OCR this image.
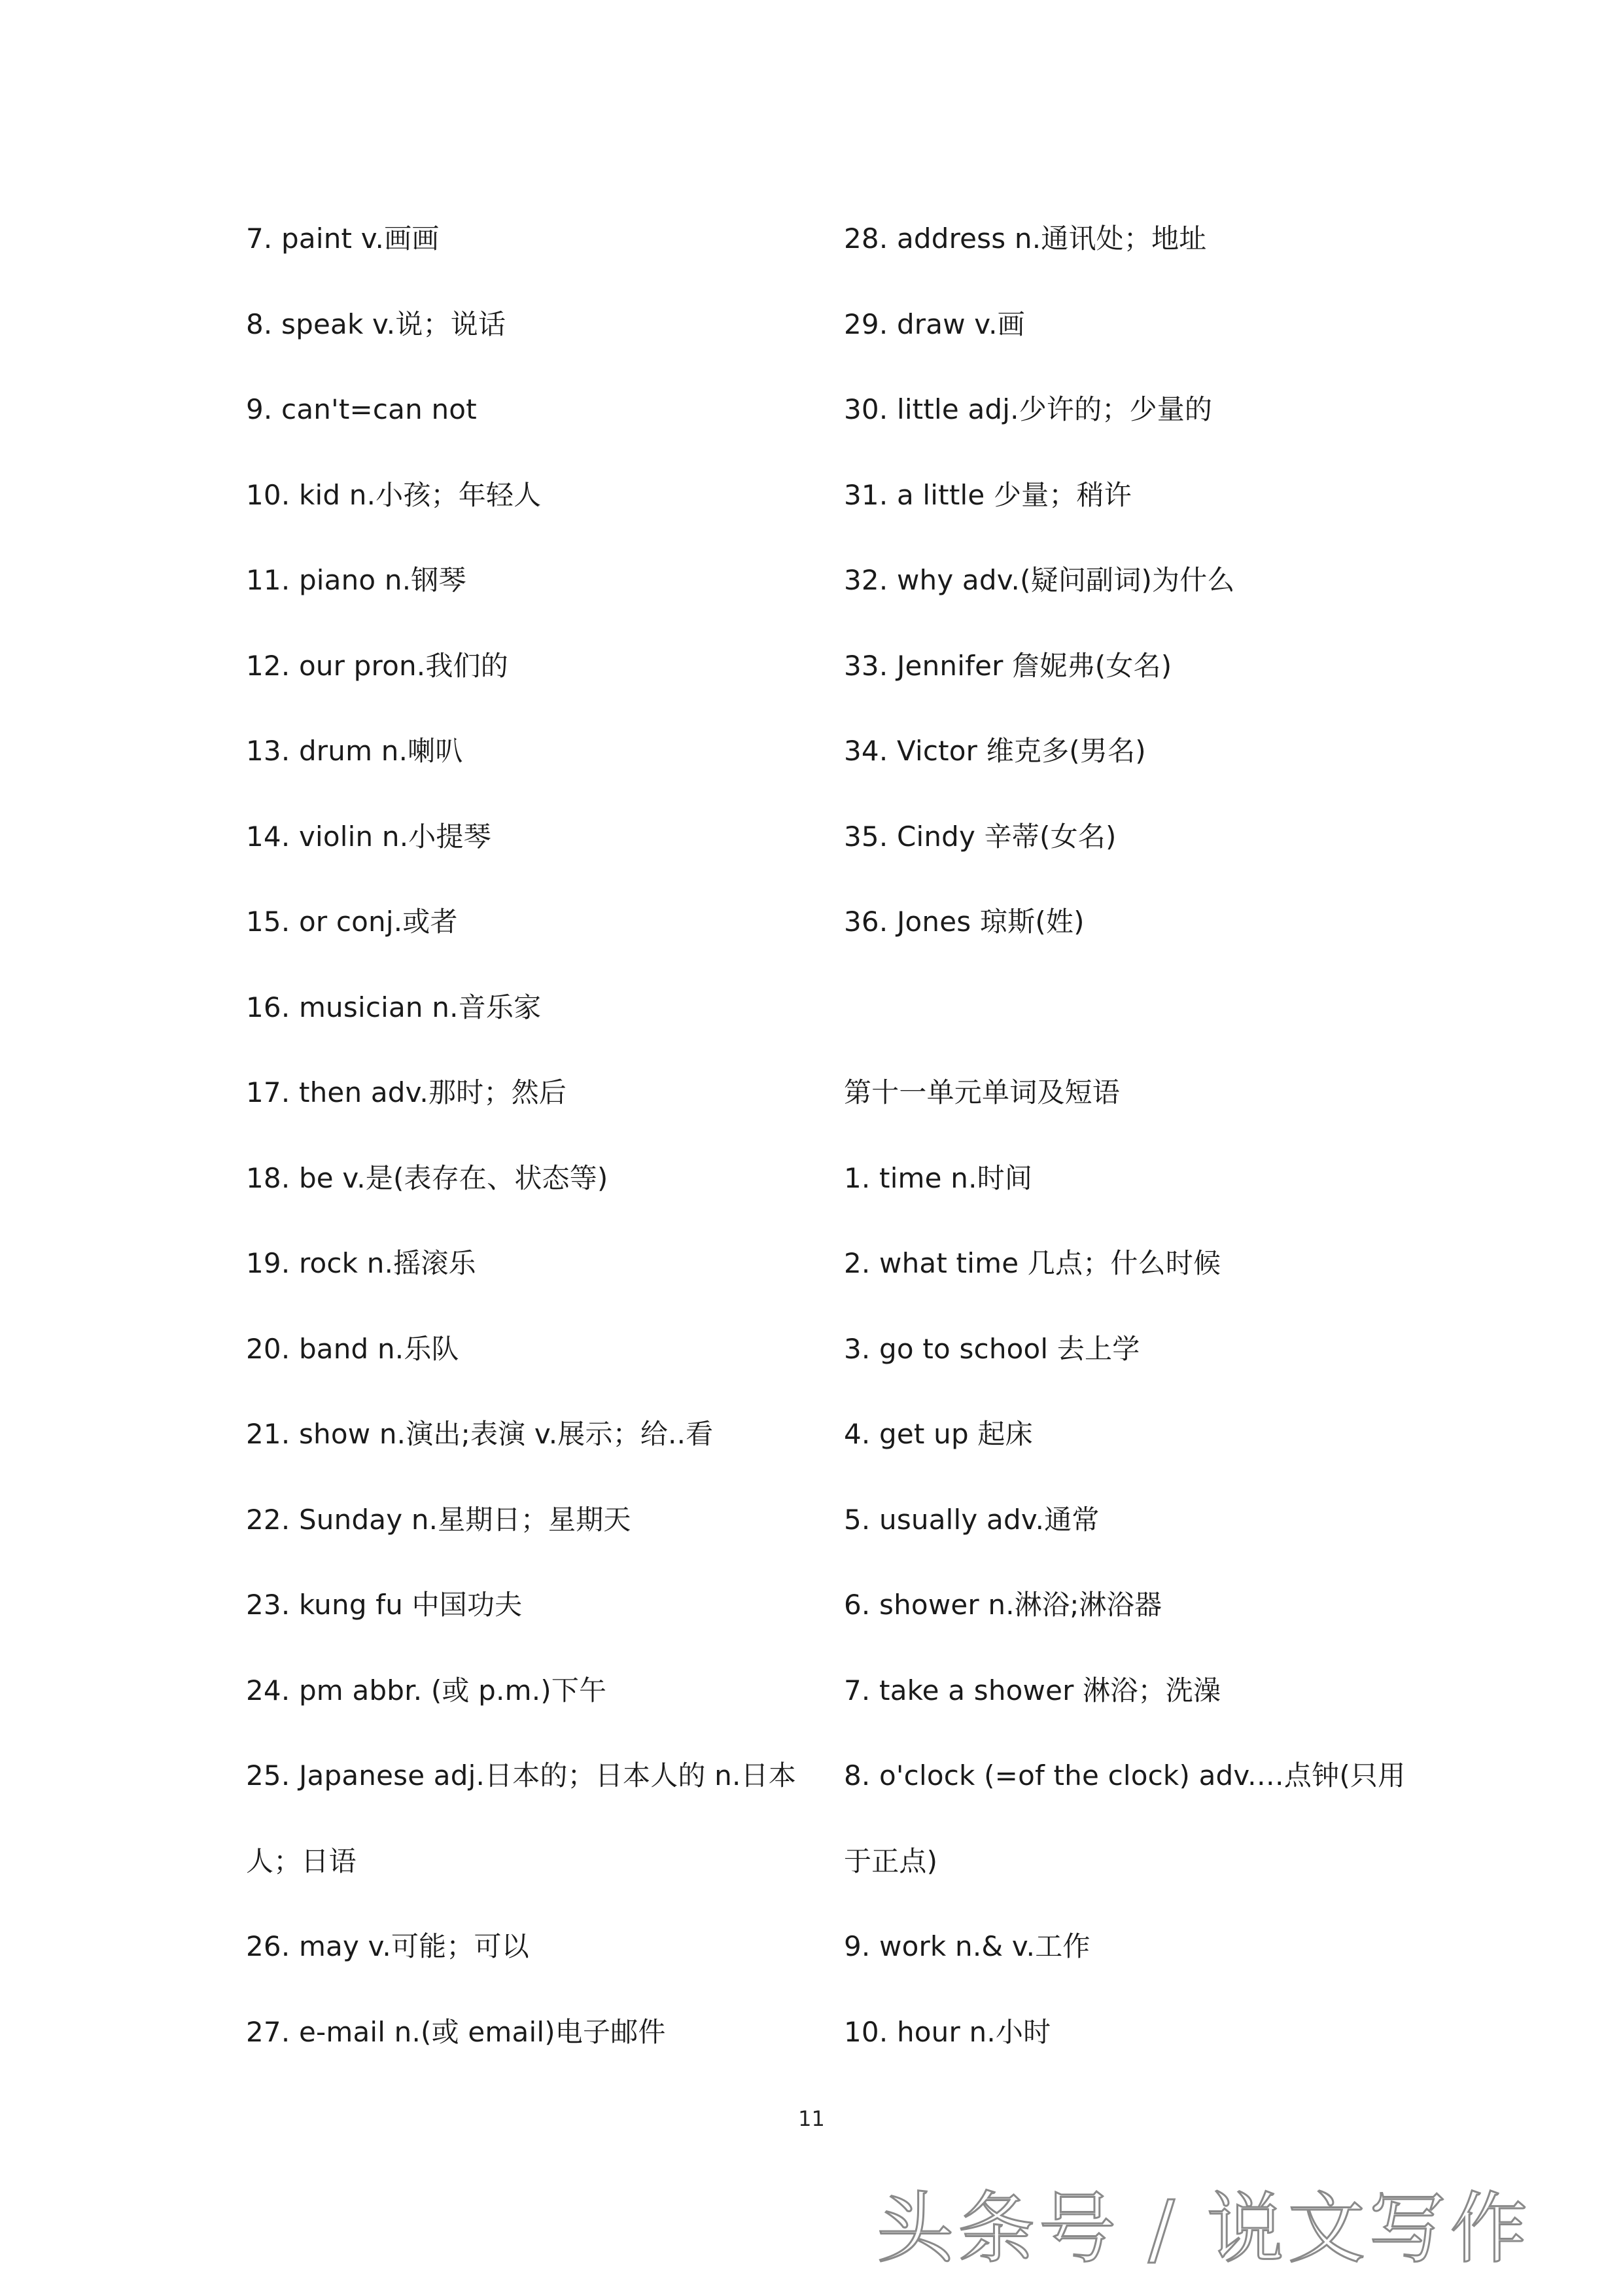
7. paint v.画画
8. speak v.说；说话
9. can't=can not
10. kid n.小孩；年轻人
11. piano n.钢琴
12. our pron.我们的
13. drum n.喇叭
14. violin n.小提琴
15. or conj.或者
16. musician n.音乐家
17. then adv.那时；然后
18. be v.是(表存在、状态等)
19. rock n.摇滚乐
20. band n.乐队
21. show n.演出;表演 v.展示；给..看
22. Sunday n.星期日；星期天
23. kung fu 中国功夫
24. pm abbr. (或 p.m.)下午
25. Japanese adj.日本的；日本人的 n.日本
人；日语
26. may v.可能；可以
27. e-mail n.(或 email)电子邮件
28. address n.通讯处；地址
29. draw v.画
30. little adj.少许的；少量的
31. a little 少量；稍许
32. why adv.(疑问副词)为什么
33. Jennifer 詹妮弗(女名)
34. Victor 维克多(男名)
35. Cindy 辛蒂(女名)
36. Jones 琼斯(姓)
第十一单元单词及短语
1. time n.时间
2. what time 几点；什么时候
3. go to school 去上学
4. get up 起床
5. usually adv.通常
6. shower n.淋浴;淋浴器
7. take a shower 淋浴；洗澡
8. o'clock (=of the clock) adv.…点钟(只用
于正点)
9. work n.& v.工作
10. hour n.小时
11
头条号 / 说文写作
